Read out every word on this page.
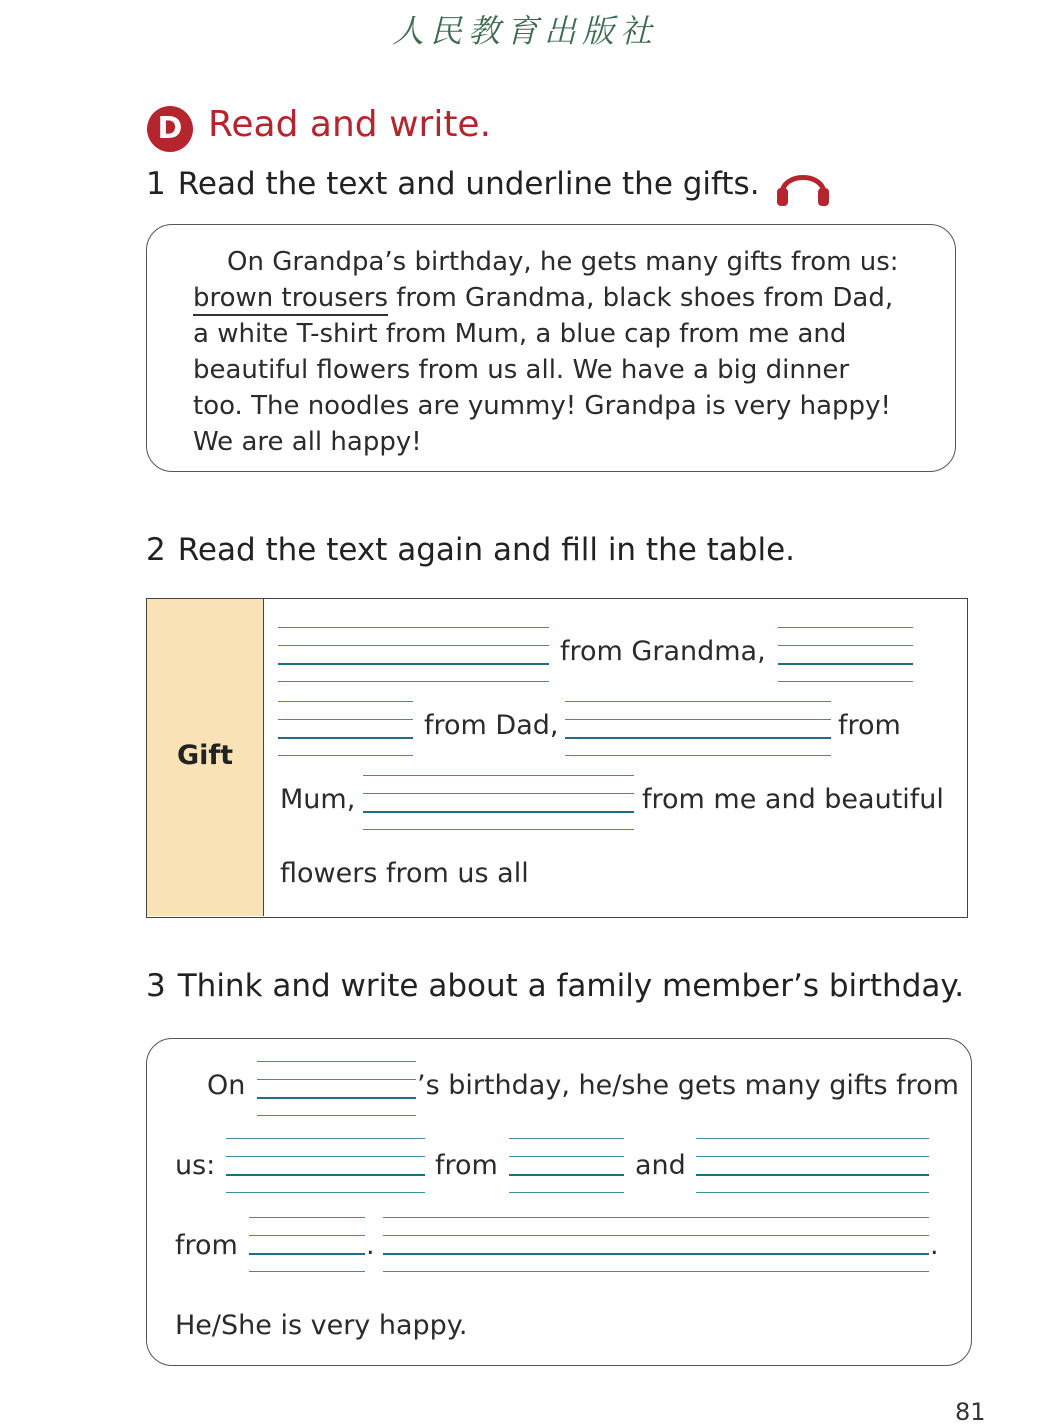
人民教育出版社
D Read and write.
1 Read the text and underline the gifts.
On Grandpa’s birthday, he gets many gifts from us:
brown trousers from Grandma, black shoes from Dad,
a white T-shirt from Mum, a blue cap from me and
beautiful flowers from us all. We have a big dinner
too. The noodles are yummy! Grandpa is very happy!
We are all happy!
2 Read the text again and fill in the table.
Gift
from Grandma,
from Dad,	from
Mum,	from me and beautiful
flowers from us all
3 Think and write about a family member’s birthday.
On	’s birthday, he/she gets many gifts from
us:	from	and
from	.	.
He/She is very happy.
81
